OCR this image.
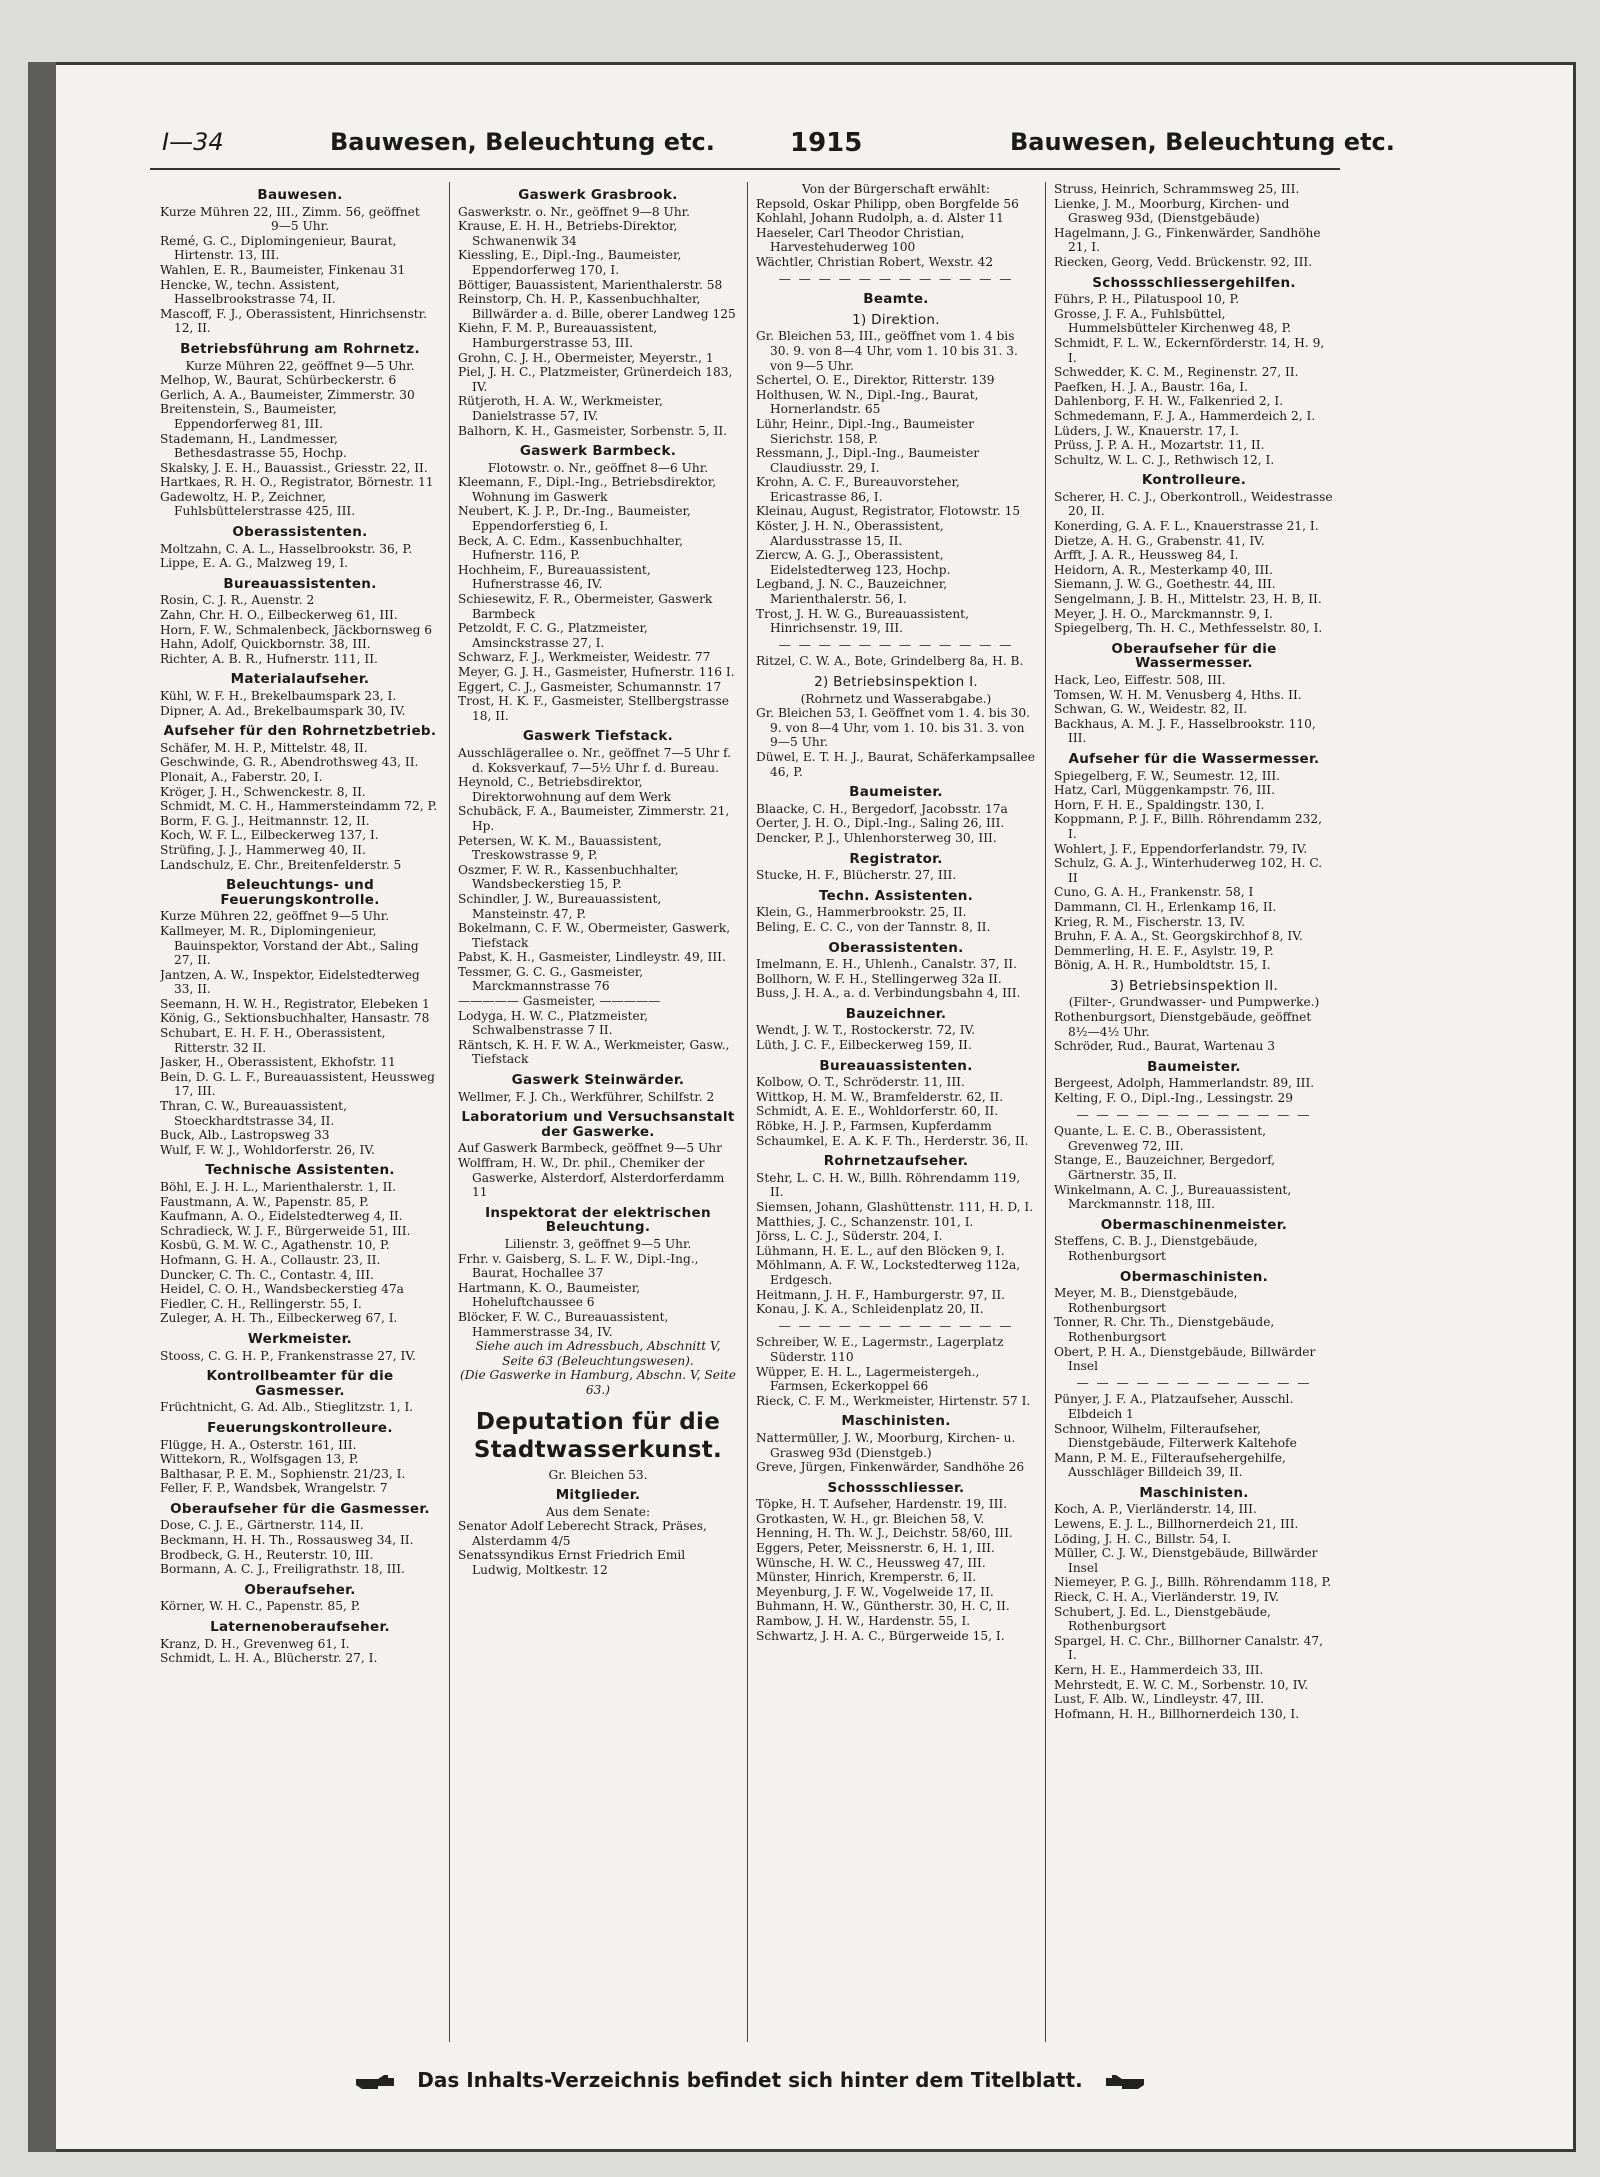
I—34	Bauwesen, Beleuchtung etc.	1915	Bauwesen, Beleuchtung etc.
Bauwesen.
Kurze Mühren 22, III., Zimm. 56, geöffnet
9—5 Uhr.
Remé, G. C., Diplomingenieur, Baurat, Hirtenstr. 13, III.
Wahlen, E. R., Baumeister, Finkenau 31
Hencke, W., techn. Assistent, Hasselbrookstrasse 74, II.
Mascoff, F. J., Oberassistent, Hinrichsenstr. 12, II.
Betriebsführung am Rohrnetz.
Kurze Mühren 22, geöffnet 9—5 Uhr.
Melhop, W., Baurat, Schürbeckerstr. 6
Gerlich, A. A., Baumeister, Zimmerstr. 30
Breitenstein, S., Baumeister, Eppendorferweg 81, III.
Stademann, H., Landmesser, Bethesdastrasse 55, Hochp.
Skalsky, J. E. H., Bauassist., Griesstr. 22, II.
Hartkaes, R. H. O., Registrator, Börnestr. 11
Gadewoltz, H. P., Zeichner, Fuhlsbüttelerstrasse 425, III.
Oberassistenten.
Moltzahn, C. A. L., Hasselbrookstr. 36, P.
Lippe, E. A. G., Malzweg 19, I.
Bureauassistenten.
Rosin, C. J. R., Auenstr. 2
Zahn, Chr. H. O., Eilbeckerweg 61, III.
Horn, F. W., Schmalenbeck, Jäckbornsweg 6
Hahn, Adolf, Quickbornstr. 38, III.
Richter, A. B. R., Hufnerstr. 111, II.
Materialaufseher.
Kühl, W. F. H., Brekelbaumspark 23, I.
Dipner, A. Ad., Brekelbaumspark 30, IV.
Aufseher für den Rohrnetzbetrieb.
Schäfer, M. H. P., Mittelstr. 48, II.
Geschwinde, G. R., Abendrothsweg 43, II.
Plonait, A., Faberstr. 20, I.
Kröger, J. H., Schwenckestr. 8, II.
Schmidt, M. C. H., Hammersteindamm 72, P.
Borm, F. G. J., Heitmannstr. 12, II.
Koch, W. F. L., Eilbeckerweg 137, I.
Strüfing, J. J., Hammerweg 40, II.
Landschulz, E. Chr., Breitenfelderstr. 5
Beleuchtungs- und Feuerungskontrolle.
Kurze Mühren 22, geöffnet 9—5 Uhr.
Kallmeyer, M. R., Diplomingenieur, Bauinspektor, Vorstand der Abt., Saling 27, II.
Jantzen, A. W., Inspektor, Eidelstedterweg 33, II.
Seemann, H. W. H., Registrator, Elebeken 1
König, G., Sektionsbuchhalter, Hansastr. 78
Schubart, E. H. F. H., Oberassistent, Ritterstr. 32 II.
Jasker, H., Oberassistent, Ekhofstr. 11
Bein, D. G. L. F., Bureauassistent, Heussweg 17, III.
Thran, C. W., Bureauassistent, Stoeckhardtstrasse 34, II.
Buck, Alb., Lastropsweg 33
Wulf, F. W. J., Wohldorferstr. 26, IV.
Technische Assistenten.
Böhl, E. J. H. L., Marienthalerstr. 1, II.
Faustmann, A. W., Papenstr. 85, P.
Kaufmann, A. O., Eidelstedterweg 4, II.
Schradieck, W. J. F., Bürgerweide 51, III.
Kosbü, G. M. W. C., Agathenstr. 10, P.
Hofmann, G. H. A., Collaustr. 23, II.
Duncker, C. Th. C., Contastr. 4, III.
Heidel, C. O. H., Wandsbeckerstieg 47a
Fiedler, C. H., Rellingerstr. 55, I.
Zuleger, A. H. Th., Eilbeckerweg 67, I.
Werkmeister.
Stooss, C. G. H. P., Frankenstrasse 27, IV.
Kontrollbeamter für die Gasmesser.
Früchtnicht, G. Ad. Alb., Stieglitzstr. 1, I.
Feuerungskontrolleure.
Flügge, H. A., Osterstr. 161, III.
Wittekorn, R., Wolfsgagen 13, P.
Balthasar, P. E. M., Sophienstr. 21/23, I.
Feller, F. P., Wandsbek, Wrangelstr. 7
Oberaufseher für die Gasmesser.
Dose, C. J. E., Gärtnerstr. 114, II.
Beckmann, H. H. Th., Rossausweg 34, II.
Brodbeck, G. H., Reuterstr. 10, III.
Bormann, A. C. J., Freiligrathstr. 18, III.
Oberaufseher.
Körner, W. H. C., Papenstr. 85, P.
Laternenoberaufseher.
Kranz, D. H., Grevenweg 61, I.
Schmidt, L. H. A., Blücherstr. 27, I.
Gaswerk Grasbrook.
Gaswerkstr. o. Nr., geöffnet 9—8 Uhr.
Krause, E. H. H., Betriebs-Direktor, Schwanenwik 34
Kiessling, E., Dipl.-Ing., Baumeister, Eppendorferweg 170, I.
Böttiger, Bauassistent, Marienthalerstr. 58
Reinstorp, Ch. H. P., Kassenbuchhalter, Billwärder a. d. Bille, oberer Landweg 125
Kiehn, F. M. P., Bureauassistent, Hamburgerstrasse 53, III.
Grohn, C. J. H., Obermeister, Meyerstr., 1
Piel, J. H. C., Platzmeister, Grünerdeich 183, IV.
Rütjeroth, H. A. W., Werkmeister, Danielstrasse 57, IV.
Balhorn, K. H., Gasmeister, Sorbenstr. 5, II.
Gaswerk Barmbeck.
Flotowstr. o. Nr., geöffnet 8—6 Uhr.
Kleemann, F., Dipl.-Ing., Betriebsdirektor, Wohnung im Gaswerk
Neubert, K. J. P., Dr.-Ing., Baumeister, Eppendorferstieg 6, I.
Beck, A. C. Edm., Kassenbuchhalter, Hufnerstr. 116, P.
Hochheim, F., Bureauassistent, Hufnerstrasse 46, IV.
Schiesewitz, F. R., Obermeister, Gaswerk Barmbeck
Petzoldt, F. C. G., Platzmeister, Amsinckstrasse 27, I.
Schwarz, F. J., Werkmeister, Weidestr. 77
Meyer, G. J. H., Gasmeister, Hufnerstr. 116 I.
Eggert, C. J., Gasmeister, Schumannstr. 17
Trost, H. K. F., Gasmeister, Stellbergstrasse 18, II.
Gaswerk Tiefstack.
Ausschlägerallee o. Nr., geöffnet 7—5 Uhr f. d. Koksverkauf, 7—5½ Uhr f. d. Bureau.
Heynold, C., Betriebsdirektor, Direktorwohnung auf dem Werk
Schubäck, F. A., Baumeister, Zimmerstr. 21, Hp.
Petersen, W. K. M., Bauassistent, Treskowstrasse 9, P.
Oszmer, F. W. R., Kassenbuchhalter, Wandsbeckerstieg 15, P.
Schindler, J. W., Bureauassistent, Mansteinstr. 47, P.
Bokelmann, C. F. W., Obermeister, Gaswerk, Tiefstack
Pabst, K. H., Gasmeister, Lindleystr. 49, III.
Tessmer, G. C. G., Gasmeister, Marckmannstrasse 76
————— Gasmeister, —————
Lodyga, H. W. C., Platzmeister, Schwalbenstrasse 7 II.
Räntsch, K. H. F. W. A., Werkmeister, Gasw., Tiefstack
Gaswerk Steinwärder.
Wellmer, F. J. Ch., Werkführer, Schilfstr. 2
Laboratorium und Versuchsanstalt der Gaswerke.
Auf Gaswerk Barmbeck, geöffnet 9—5 Uhr
Wolffram, H. W., Dr. phil., Chemiker der Gaswerke, Alsterdorf, Alsterdorferdamm 11
Inspektorat der elektrischen Beleuchtung.
Lilienstr. 3, geöffnet 9—5 Uhr.
Frhr. v. Gaisberg, S. L. F. W., Dipl.-Ing., Baurat, Hochallee 37
Hartmann, K. O., Baumeister, Hoheluftchaussee 6
Blöcker, F. W. C., Bureauassistent, Hammerstrasse 34, IV.
Siehe auch im Adressbuch, Abschnitt V, Seite 63 (Beleuchtungswesen).
(Die Gaswerke in Hamburg, Abschn. V, Seite 63.)
Deputation für die Stadtwasserkunst.
Gr. Bleichen 53.
Mitglieder.
Aus dem Senate:
Senator Adolf Leberecht Strack, Präses, Alsterdamm 4/5
Senatssyndikus Ernst Friedrich Emil Ludwig, Moltkestr. 12
Von der Bürgerschaft erwählt:
Repsold, Oskar Philipp, oben Borgfelde 56
Kohlahl, Johann Rudolph, a. d. Alster 11
Haeseler, Carl Theodor Christian, Harvestehuderweg 100
Wächtler, Christian Robert, Wexstr. 42
— — — — — — — — — — — —
Beamte.
1) Direktion.
Gr. Bleichen 53, III., geöffnet vom 1. 4 bis 30. 9. von 8—4 Uhr, vom 1. 10 bis 31. 3. von 9—5 Uhr.
Schertel, O. E., Direktor, Ritterstr. 139
Holthusen, W. N., Dipl.-Ing., Baurat, Hornerlandstr. 65
Lühr, Heinr., Dipl.-Ing., Baumeister Sierichstr. 158, P.
Ressmann, J., Dipl.-Ing., Baumeister Claudiusstr. 29, I.
Krohn, A. C. F., Bureauvorsteher, Ericastrasse 86, I.
Kleinau, August, Registrator, Flotowstr. 15
Köster, J. H. N., Oberassistent, Alardusstrasse 15, II.
Ziercw, A. G. J., Oberassistent, Eidelstedterweg 123, Hochp.
Legband, J. N. C., Bauzeichner, Marienthalerstr. 56, I.
Trost, J. H. W. G., Bureauassistent, Hinrichsenstr. 19, III.
— — — — — — — — — — — —
Ritzel, C. W. A., Bote, Grindelberg 8a, H. B.
2) Betriebsinspektion I.
(Rohrnetz und Wasserabgabe.)
Gr. Bleichen 53, I. Geöffnet vom 1. 4. bis 30. 9. von 8—4 Uhr, vom 1. 10. bis 31. 3. von 9—5 Uhr.
Düwel, E. T. H. J., Baurat, Schäferkampsallee 46, P.
Baumeister.
Blaacke, C. H., Bergedorf, Jacobsstr. 17a
Oerter, J. H. O., Dipl.-Ing., Saling 26, III.
Dencker, P. J., Uhlenhorsterweg 30, III.
Registrator.
Stucke, H. F., Blücherstr. 27, III.
Techn. Assistenten.
Klein, G., Hammerbrookstr. 25, II.
Beling, E. C. C., von der Tannstr. 8, II.
Oberassistenten.
Imelmann, E. H., Uhlenh., Canalstr. 37, II.
Bollhorn, W. F. H., Stellingerweg 32a II.
Buss, J. H. A., a. d. Verbindungsbahn 4, III.
Bauzeichner.
Wendt, J. W. T., Rostockerstr. 72, IV.
Lüth, J. C. F., Eilbeckerweg 159, II.
Bureauassistenten.
Kolbow, O. T., Schröderstr. 11, III.
Wittkop, H. M. W., Bramfelderstr. 62, II.
Schmidt, A. E. E., Wohldorferstr. 60, II.
Röbke, H. J. P., Farmsen, Kupferdamm
Schaumkel, E. A. K. F. Th., Herderstr. 36, II.
Rohrnetzaufseher.
Stehr, L. C. H. W., Billh. Röhrendamm 119, II.
Siemsen, Johann, Glashüttenstr. 111, H. D, I.
Matthies, J. C., Schanzenstr. 101, I.
Jörss, L. C. J., Süderstr. 204, I.
Lühmann, H. E. L., auf den Blöcken 9, I.
Möhlmann, A. F. W., Lockstedterweg 112a, Erdgesch.
Heitmann, J. H. F., Hamburgerstr. 97, II.
Konau, J. K. A., Schleidenplatz 20, II.
— — — — — — — — — — — —
Schreiber, W. E., Lagermstr., Lagerplatz Süderstr. 110
Wüpper, E. H. L., Lagermeistergeh., Farmsen, Eckerkoppel 66
Rieck, C. F. M., Werkmeister, Hirtenstr. 57 I.
Maschinisten.
Nattermüller, J. W., Moorburg, Kirchen- u. Grasweg 93d (Dienstgeb.)
Greve, Jürgen, Finkenwärder, Sandhöhe 26
Schossschliesser.
Töpke, H. T. Aufseher, Hardenstr. 19, III.
Grotkasten, W. H., gr. Bleichen 58, V.
Henning, H. Th. W. J., Deichstr. 58/60, III.
Eggers, Peter, Meissnerstr. 6, H. 1, III.
Wünsche, H. W. C., Heussweg 47, III.
Münster, Hinrich, Kremperstr. 6, II.
Meyenburg, J. F. W., Vogelweide 17, II.
Buhmann, H. W., Güntherstr. 30, H. C, II.
Rambow, J. H. W., Hardenstr. 55, I.
Schwartz, J. H. A. C., Bürgerweide 15, I.
Struss, Heinrich, Schrammsweg 25, III.
Lienke, J. M., Moorburg, Kirchen- und Grasweg 93d, (Dienstgebäude)
Hagelmann, J. G., Finkenwärder, Sandhöhe 21, I.
Riecken, Georg, Vedd. Brückenstr. 92, III.
Schossschliessergehilfen.
Führs, P. H., Pilatuspool 10, P.
Grosse, J. F. A., Fuhlsbüttel, Hummelsbütteler Kirchenweg 48, P.
Schmidt, F. L. W., Eckernförderstr. 14, H. 9, I.
Schwedder, K. C. M., Reginenstr. 27, II.
Paefken, H. J. A., Baustr. 16a, I.
Dahlenborg, F. H. W., Falkenried 2, I.
Schmedemann, F. J. A., Hammerdeich 2, I.
Lüders, J. W., Knauerstr. 17, I.
Prüss, J. P. A. H., Mozartstr. 11, II.
Schultz, W. L. C. J., Rethwisch 12, I.
Kontrolleure.
Scherer, H. C. J., Oberkontroll., Weidestrasse 20, II.
Konerding, G. A. F. L., Knauerstrasse 21, I.
Dietze, A. H. G., Grabenstr. 41, IV.
Arfft, J. A. R., Heussweg 84, I.
Heidorn, A. R., Mesterkamp 40, III.
Siemann, J. W. G., Goethestr. 44, III.
Sengelmann, J. B. H., Mittelstr. 23, H. B, II.
Meyer, J. H. O., Marckmannstr. 9, I.
Spiegelberg, Th. H. C., Methfesselstr. 80, I.
Oberaufseher für die Wassermesser.
Hack, Leo, Eiffestr. 508, III.
Tomsen, W. H. M. Venusberg 4, Hths. II.
Schwan, G. W., Weidestr. 82, II.
Backhaus, A. M. J. F., Hasselbrookstr. 110, III.
Aufseher für die Wassermesser.
Spiegelberg, F. W., Seumestr. 12, III.
Hatz, Carl, Müggenkampstr. 76, III.
Horn, F. H. E., Spaldingstr. 130, I.
Koppmann, P. J. F., Billh. Röhrendamm 232, I.
Wohlert, J. F., Eppendorferlandstr. 79, IV.
Schulz, G. A. J., Winterhuderweg 102, H. C. II
Cuno, G. A. H., Frankenstr. 58, I
Dammann, Cl. H., Erlenkamp 16, II.
Krieg, R. M., Fischerstr. 13, IV.
Bruhn, F. A. A., St. Georgskirchhof 8, IV.
Demmerling, H. E. F., Asylstr. 19, P.
Bönig, A. H. R., Humboldtstr. 15, I.
3) Betriebsinspektion II.
(Filter-, Grundwasser- und Pumpwerke.)
Rothenburgsort, Dienstgebäude, geöffnet 8½—4½ Uhr.
Schröder, Rud., Baurat, Wartenau 3
Baumeister.
Bergeest, Adolph, Hammerlandstr. 89, III.
Kelting, F. O., Dipl.-Ing., Lessingstr. 29
— — — — — — — — — — — —
Quante, L. E. C. B., Oberassistent, Grevenweg 72, III.
Stange, E., Bauzeichner, Bergedorf, Gärtnerstr. 35, II.
Winkelmann, A. C. J., Bureauassistent, Marckmannstr. 118, III.
Obermaschinenmeister.
Steffens, C. B. J., Dienstgebäude, Rothenburgsort
Obermaschinisten.
Meyer, M. B., Dienstgebäude, Rothenburgsort
Tonner, R. Chr. Th., Dienstgebäude, Rothenburgsort
Obert, P. H. A., Dienstgebäude, Billwärder Insel
— — — — — — — — — — — —
Pünyer, J. F. A., Platzaufseher, Ausschl. Elbdeich 1
Schnoor, Wilhelm, Filteraufseher, Dienstgebäude, Filterwerk Kaltehofe
Mann, P. M. E., Filteraufsehergehilfe, Ausschläger Billdeich 39, II.
Maschinisten.
Koch, A. P., Vierländerstr. 14, III.
Lewens, E. J. L., Billhornerdeich 21, III.
Löding, J. H. C., Billstr. 54, I.
Müller, C. J. W., Dienstgebäude, Billwärder Insel
Niemeyer, P. G. J., Billh. Röhrendamm 118, P.
Rieck, C. H. A., Vierländerstr. 19, IV.
Schubert, J. Ed. L., Dienstgebäude, Rothenburgsort
Spargel, H. C. Chr., Billhorner Canalstr. 47, I.
Kern, H. E., Hammerdeich 33, III.
Mehrstedt, E. W. C. M., Sorbenstr. 10, IV.
Lust, F. Alb. W., Lindleystr. 47, III.
Hofmann, H. H., Billhornerdeich 130, I.
Das Inhalts-Verzeichnis befindet sich hinter dem Titelblatt.
